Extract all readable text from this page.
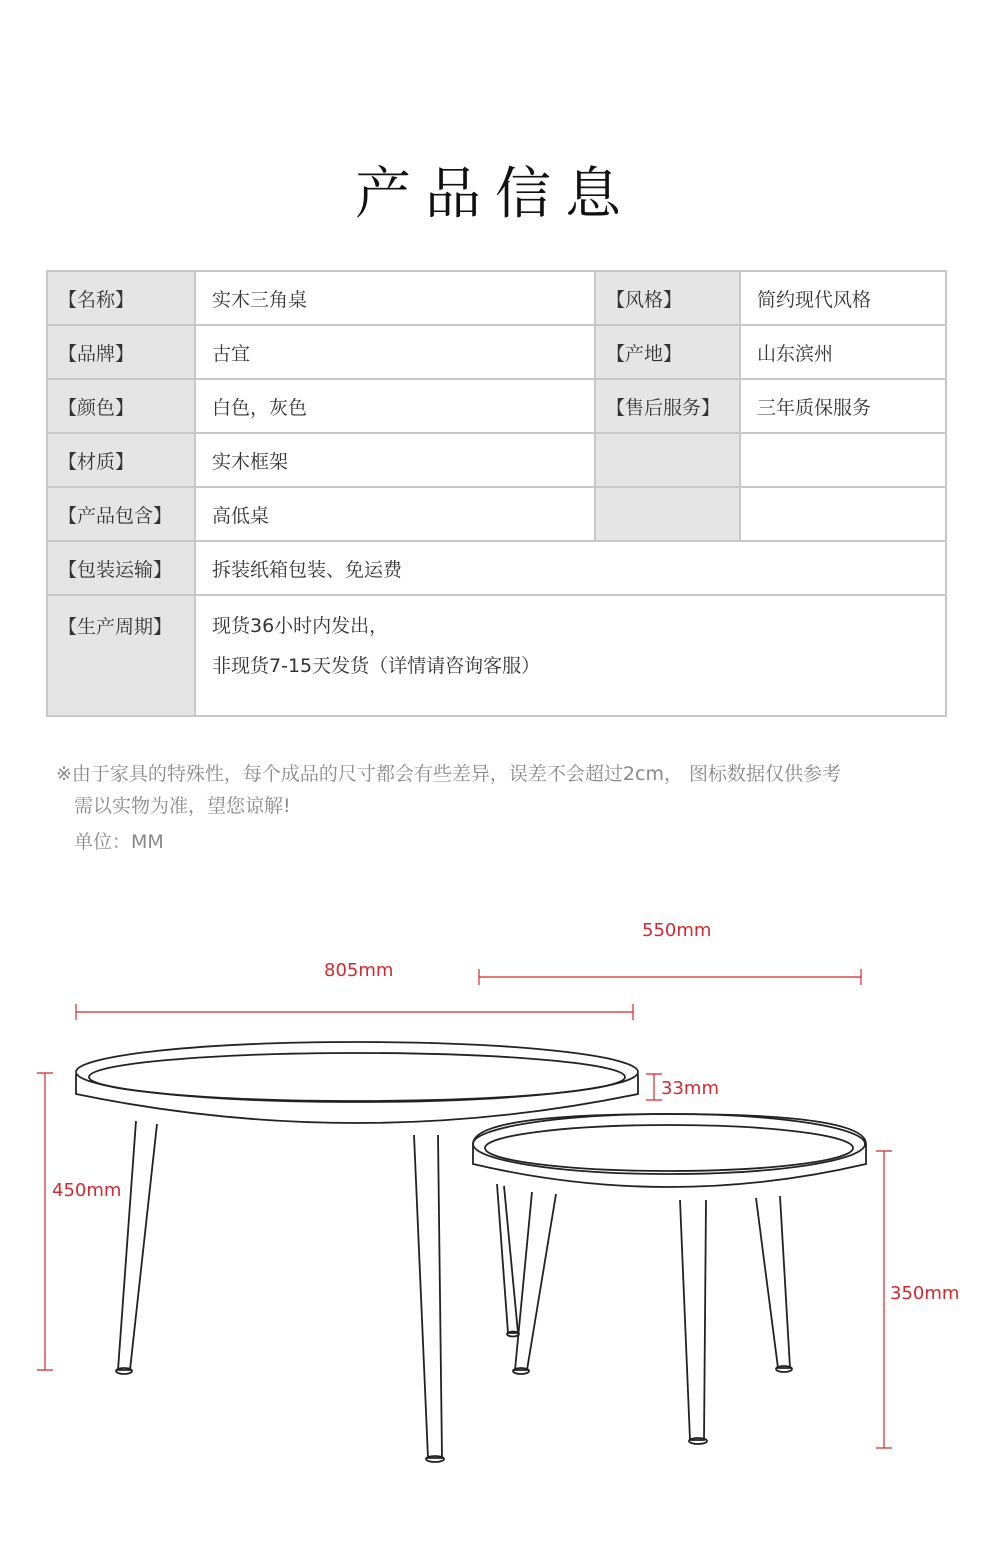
产品信息
【名称】	实木三角桌	【风格】	简约现代风格
【品牌】	古宜	【产地】	山东滨州
【颜色】	白色，灰色	【售后服务】	三年质保服务
【材质】	实木框架		
【产品包含】	高低桌		
【包装运输】	拆装纸箱包装、免运费		
【生产周期】	现货36小时内发出，
非现货7-15天发货（详情请咨询客服）		
※由于家具的特殊性，每个成品的尺寸都会有些差异，误差不会超过2cm， 图标数据仅供参考
需以实物为准，望您谅解!
单位：MM
805mm
550mm
33mm
450mm
350mm
